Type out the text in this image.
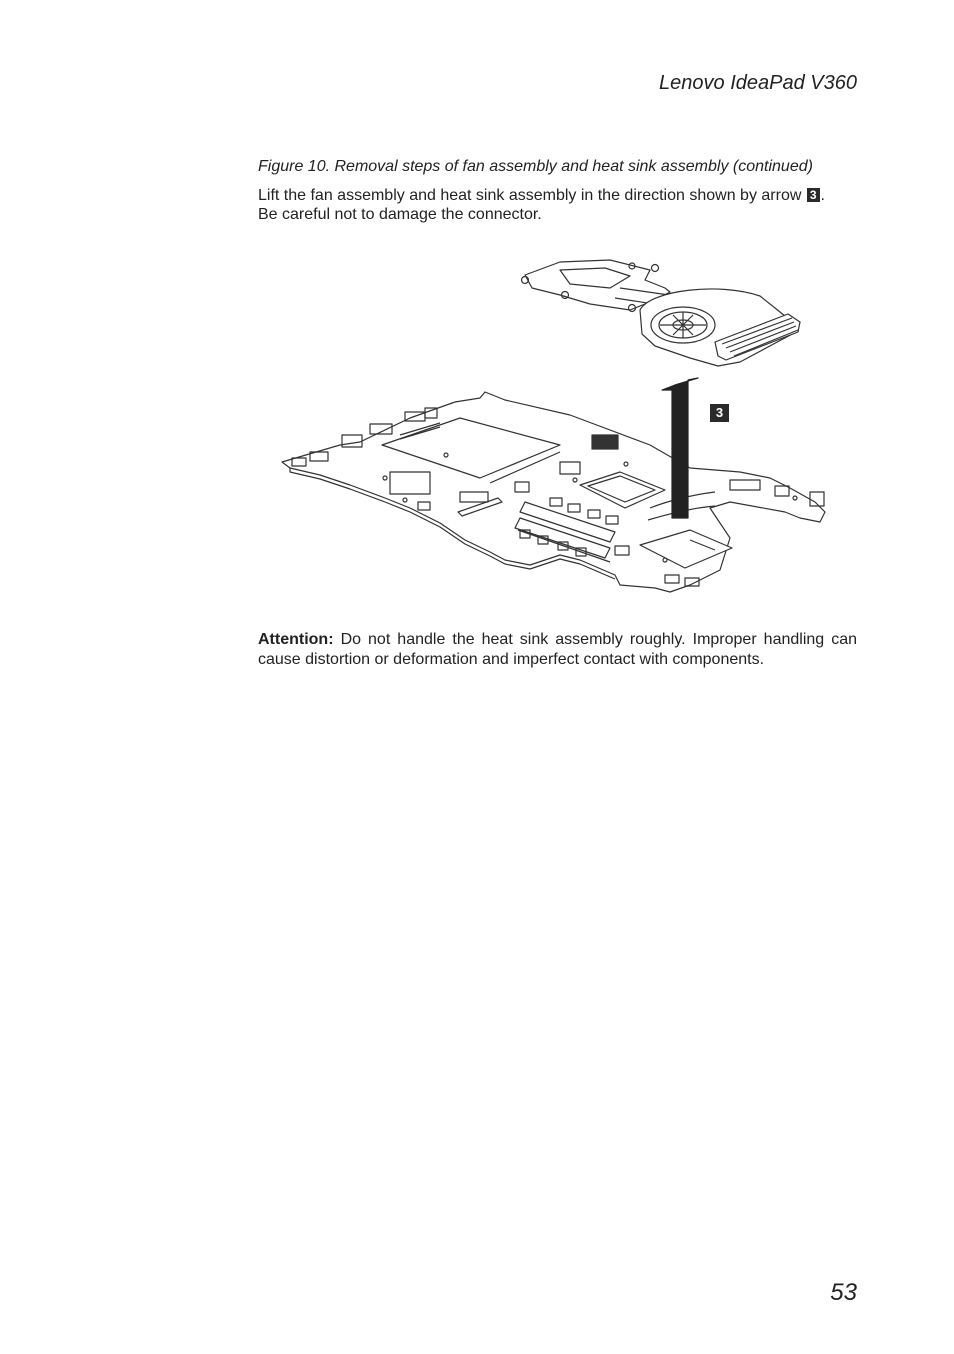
Lenovo IdeaPad V360
Figure 10. Removal steps of fan assembly and heat sink assembly (continued)
Lift the fan assembly and heat sink assembly in the direction shown by arrow 3 .
Be careful not to damage the connector.
3
Attention: Do not handle the heat sink assembly roughly. Improper handling can cause distortion or deformation and imperfect contact with components.
53
